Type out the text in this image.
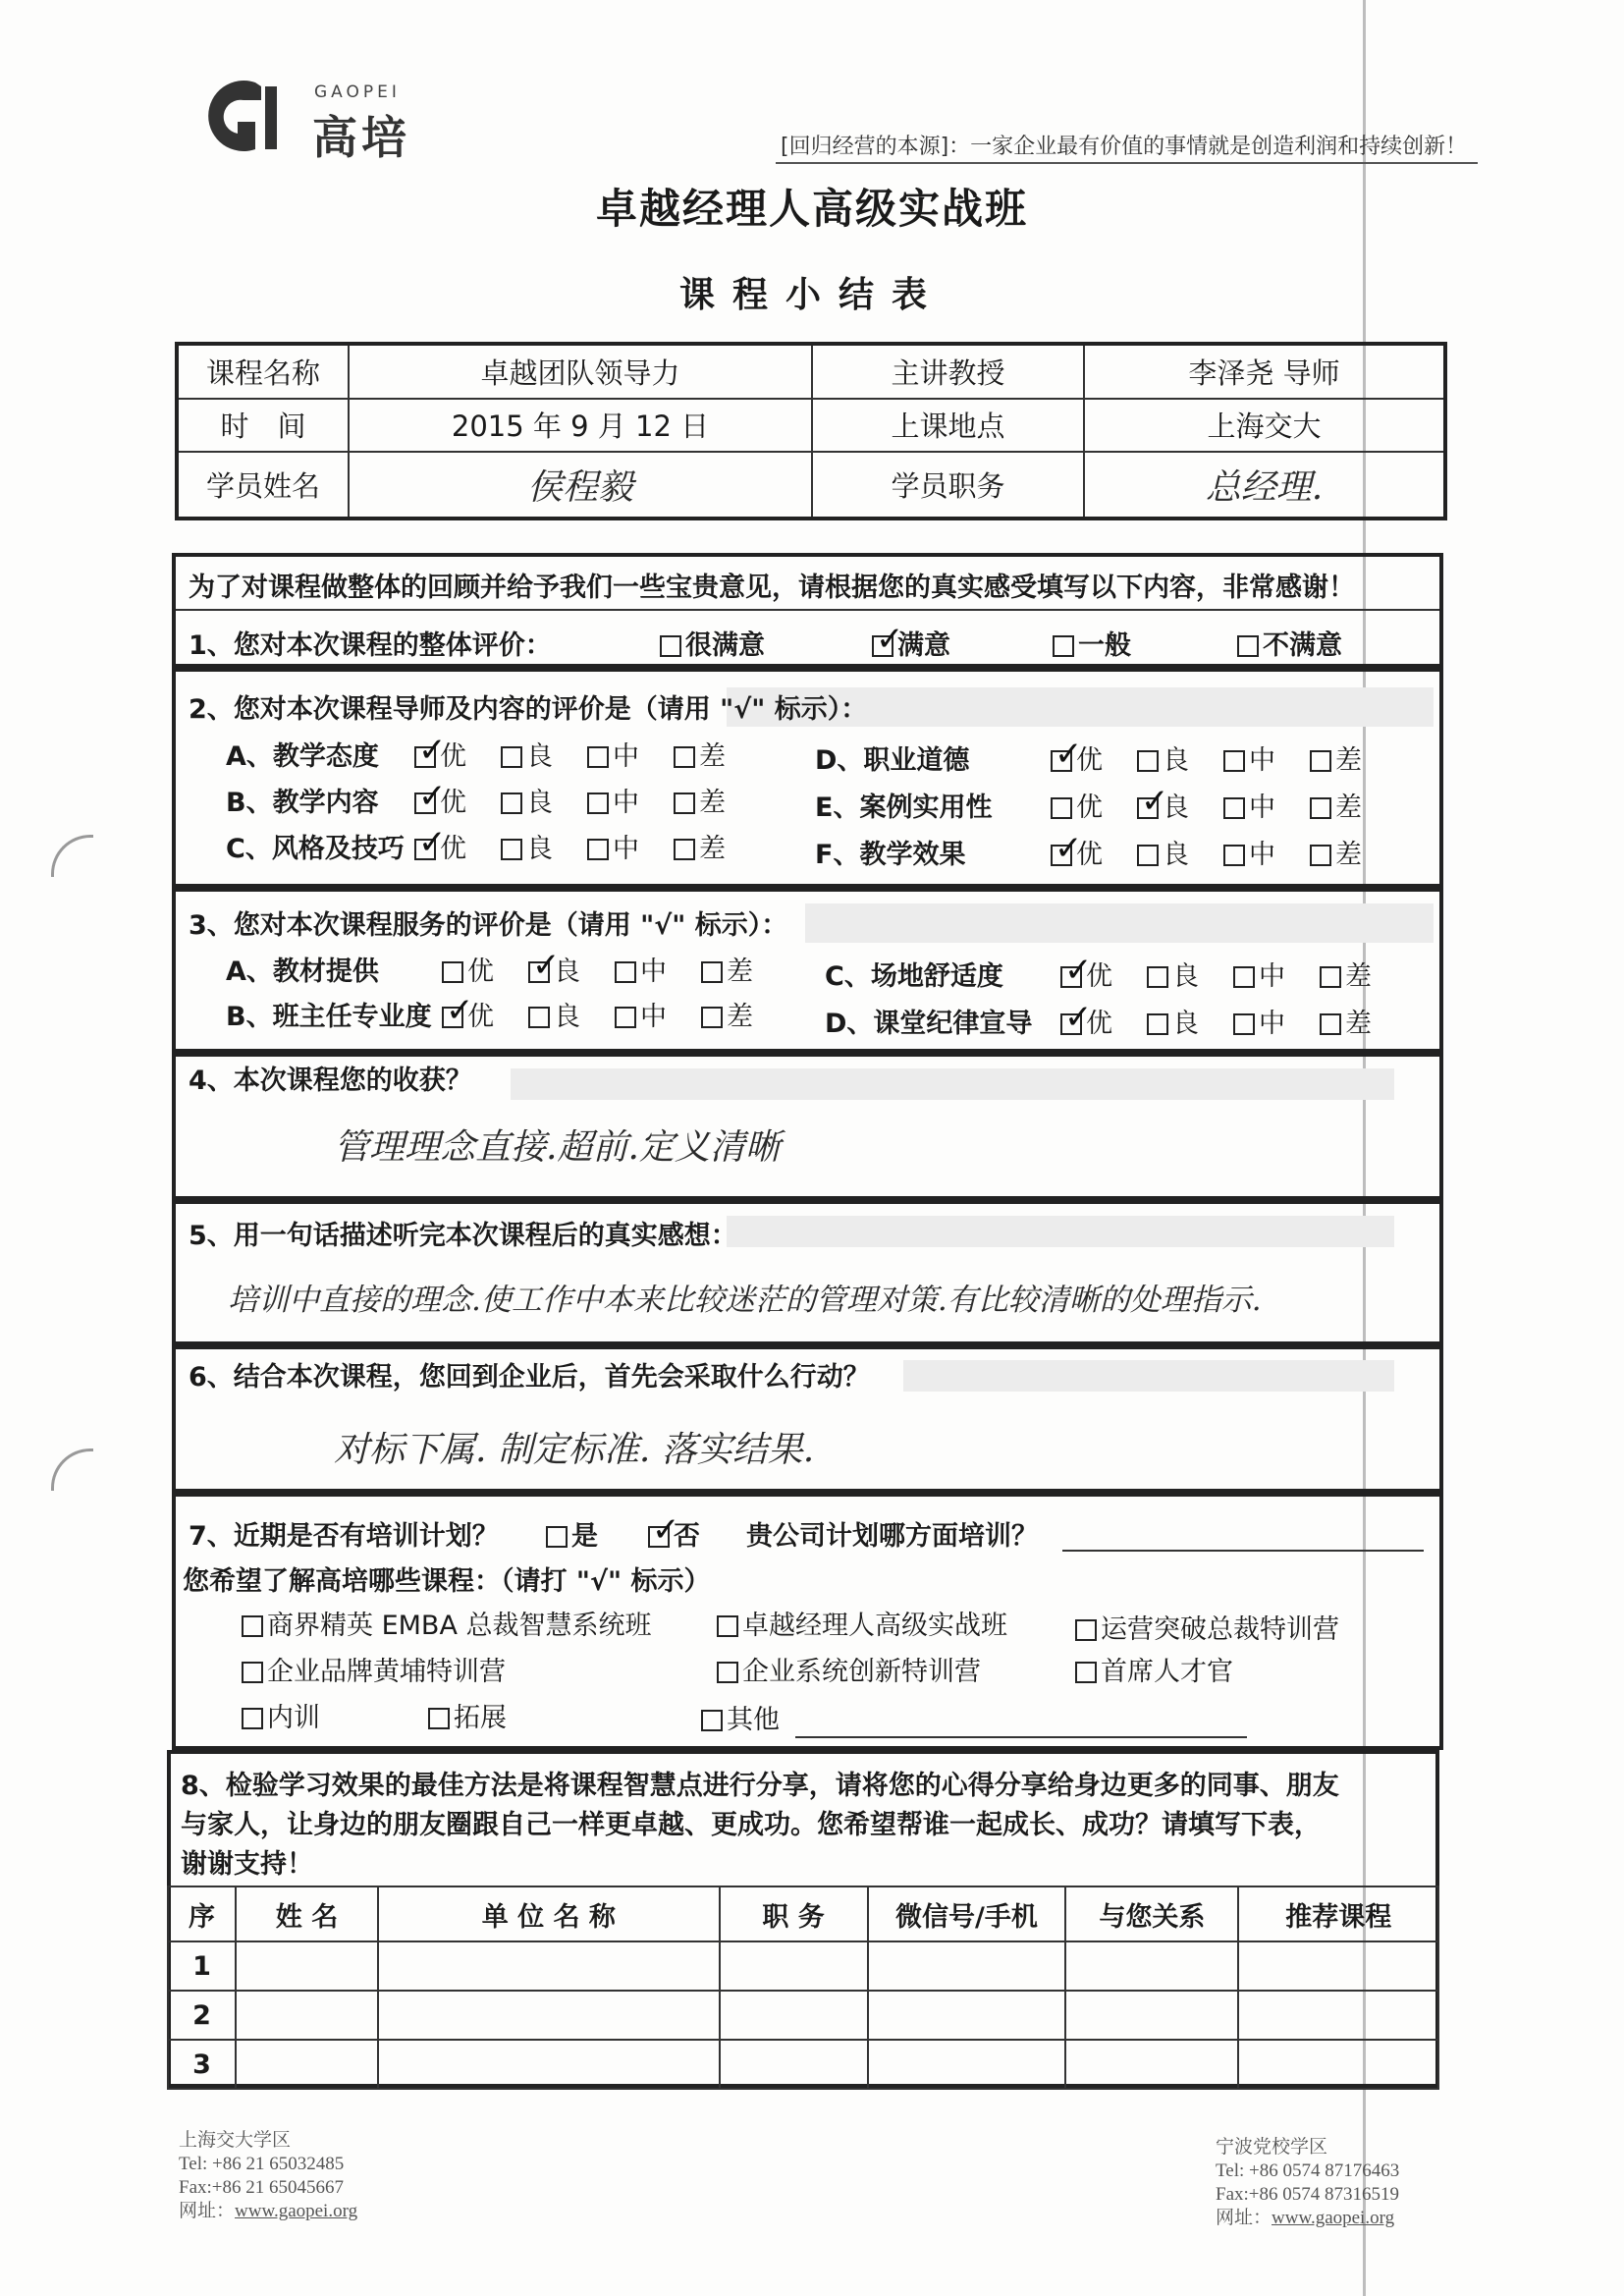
GAOPEI
高培	[回归经营的本源]：一家企业最有价值的事情就是创造利润和持续创新！
卓越经理人高级实战班
课程小结表
课程名称	卓越团队领导力	主讲教授	李泽尧 导师
时　间	2015 年 9 月 12 日	上课地点	上海交大
学员姓名	侯程毅	学员职务	总经理.
为了对课程做整体的回顾并给予我们一些宝贵意见，请根据您的真实感受填写以下内容，非常感谢！
1、您对本次课程的整体评价：	很满意 ✓	满意	一般	不满意
2、您对本次课程导师及内容的评价是（请用 "√" 标示）：
A、教学态度 ✓ 优 良 中 差
B、教学内容 ✓ 优 良 中 差
C、风格及技巧 ✓ 优 良 中 差
D、职业道德 ✓	优 良 中 差
E、案例实用性	优 ✓ 良 中 差
F、教学效果 ✓	优 良 中 差
3、您对本次课程服务的评价是（请用 "√" 标示）：
A、教材提供	优 ✓ 良 中 差
B、班主任专业度 ✓ 优 良 中 差
C、场地舒适度 ✓	优 良 中 差
D、课堂纪律宣导 ✓ 优 良 中 差
4、本次课程您的收获？
管理理念直接.超前.定义清晰
5、用一句话描述听完本次课程后的真实感想：
培训中直接的理念.使工作中本来比较迷茫的管理对策.有比较清晰的处理指示.
6、结合本次课程，您回到企业后，首先会采取什么行动？
对标下属. 制定标准. 落实结果.
7、近期是否有培训计划？	是 ✓	否 贵公司计划哪方面培训？
您希望了解高培哪些课程：（请打 "√" 标示）
商界精英 EMBA 总裁智慧系统班	卓越经理人高级实战班	运营突破总裁特训营
企业品牌黄埔特训营	企业系统创新特训营	首席人才官
内训	拓展	其他
8、检验学习效果的最佳方法是将课程智慧点进行分享，请将您的心得分享给身边更多的同事、朋友
与家人，让身边的朋友圈跟自己一样更卓越、更成功。您希望帮谁一起成长、成功？请填写下表，
谢谢支持！
序	姓 名	单 位 名 称	职 务	微信号/手机	与您关系	推荐课程
1						
2						
3						
上海交大学区
Tel: +86 21 65032485
Fax:+86 21 65045667
网址：www.gaopei.org
宁波党校学区
Tel: +86 0574 87176463
Fax:+86 0574 87316519
网址：www.gaopei.org
